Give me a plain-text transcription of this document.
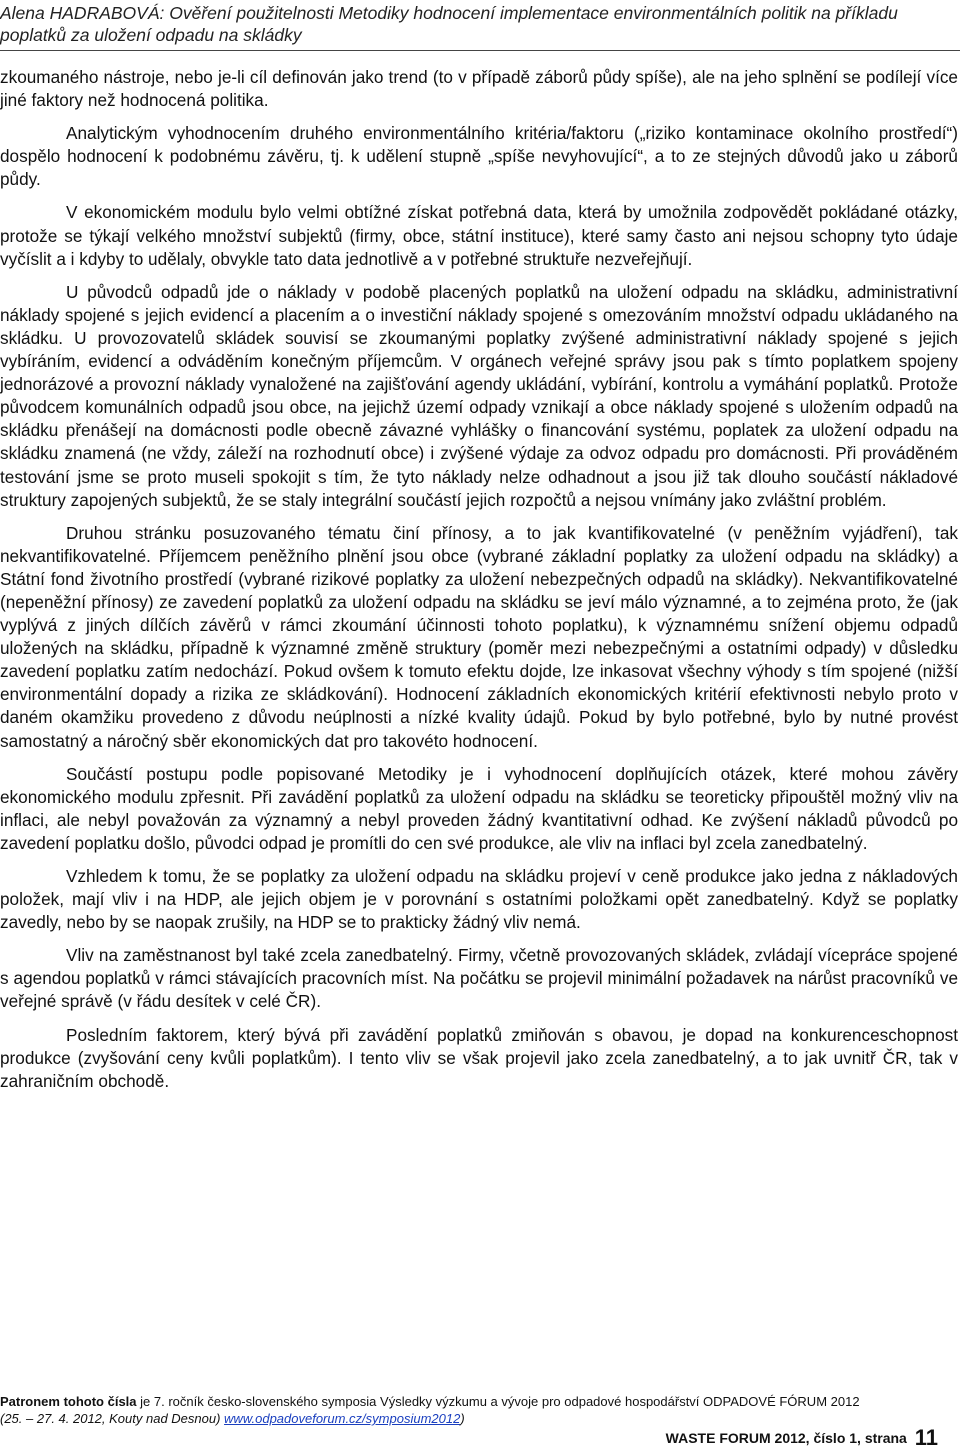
Alena HADRABOVÁ: Ověření použitelnosti Metodiky hodnocení implementace environmentálních politik na příkladu poplatků za uložení odpadu na skládky

zkoumaného nástroje, nebo je-li cíl definován jako trend (to v případě záborů půdy spíše), ale na jeho splnění se podílejí více jiné faktory než hodnocená politika.

Analytickým vyhodnocením druhého environmentálního kritéria/faktoru („riziko kontaminace okolního prostředí“) dospělo hodnocení k podobnému závěru, tj. k udělení stupně „spíše nevyhovující“, a to ze stejných důvodů jako u záborů půdy.

V ekonomickém modulu bylo velmi obtížné získat potřebná data, která by umožnila zodpovědět pokládané otázky, protože se týkají velkého množství subjektů (firmy, obce, státní instituce), které samy často ani nejsou schopny tyto údaje vyčíslit a i kdyby to udělaly, obvykle tato data jednotlivě a v potřebné struktuře nezveřejňují.

U původců odpadů jde o náklady v podobě placených poplatků na uložení odpadu na skládku, administrativní náklady spojené s jejich evidencí a placením a o investiční náklady spojené s omezováním množství odpadu ukládaného na skládku. U provozovatelů skládek souvisí se zkoumanými poplatky zvýšené administrativní náklady spojené s jejich vybíráním, evidencí a odváděním konečným příjemcům. V orgánech veřejné správy jsou pak s tímto poplatkem spojeny jednorázové a provozní náklady vynaložené na zajišťování agendy ukládání, vybírání, kontrolu a vymáhání poplatků. Protože původcem komunálních odpadů jsou obce, na jejichž území odpady vznikají a obce náklady spojené s uložením odpadů na skládku přenášejí na domácnosti podle obecně závazné vyhlášky o financování systému, poplatek za uložení odpadu na skládku znamená (ne vždy, záleží na rozhodnutí obce) i zvýšené výdaje za odvoz odpadu pro domácnosti. Při prováděném testování jsme se proto museli spokojit s tím, že tyto náklady nelze odhadnout a jsou již tak dlouho součástí nákladové struktury zapojených subjektů, že se staly integrální součástí jejich rozpočtů a nejsou vnímány jako zvláštní problém.

Druhou stránku posuzovaného tématu činí přínosy, a to jak kvantifikovatelné (v peněžním vyjádření), tak nekvantifikovatelné. Příjemcem peněžního plnění jsou obce (vybrané základní poplatky za uložení odpadu na skládky) a Státní fond životního prostředí (vybrané rizikové poplatky za uložení nebezpečných odpadů na skládky). Nekvantifikovatelné (nepeněžní přínosy) ze zavedení poplatků za uložení odpadu na skládku se jeví málo významné, a to zejména proto, že (jak vyplývá z jiných dílčích závěrů v rámci zkoumání účinnosti tohoto poplatku), k významnému snížení objemu odpadů uložených na skládku, případně k významné změně struktury (poměr mezi nebezpečnými a ostatními odpady) v důsledku zavedení poplatku zatím nedochází. Pokud ovšem k tomuto efektu dojde, lze inkasovat všechny výhody s tím spojené (nižší environmentální dopady a rizika ze skládkování). Hodnocení základních ekonomických kritérií efektivnosti nebylo proto v daném okamžiku provedeno z důvodu neúplnosti a nízké kvality údajů. Pokud by bylo potřebné, bylo by nutné provést samostatný a náročný sběr ekonomických dat pro takovéto hodnocení.

Součástí postupu podle popisované Metodiky je i vyhodnocení doplňujících otázek, které mohou závěry ekonomického modulu zpřesnit. Při zavádění poplatků za uložení odpadu na skládku se teoreticky připouštěl možný vliv na inflaci, ale nebyl považován za významný a nebyl proveden žádný kvantitativní odhad. Ke zvýšení nákladů původců po zavedení poplatku došlo, původci odpad je promítli do cen své produkce, ale vliv na inflaci byl zcela zanedbatelný.

Vzhledem k tomu, že se poplatky za uložení odpadu na skládku projeví v ceně produkce jako jedna z nákladových položek, mají vliv i na HDP, ale jejich objem je v porovnání s ostatními položkami opět zanedbatelný. Když se poplatky zavedly, nebo by se naopak zrušily, na HDP se to prakticky žádný vliv nemá.

Vliv na zaměstnanost byl také zcela zanedbatelný. Firmy, včetně provozovaných skládek, zvládají vícepráce spojené s agendou poplatků v rámci stávajících pracovních míst. Na počátku se projevil minimální požadavek na nárůst pracovníků ve veřejné správě (v řádu desítek v celé ČR).

Posledním faktorem, který bývá při zavádění poplatků zmiňován s obavou, je dopad na konkurenceschopnost produkce (zvyšování ceny kvůli poplatkům). I tento vliv se však projevil jako zcela zanedbatelný, a to jak uvnitř ČR, tak v zahraničním obchodě.

Patronem tohoto čísla je 7. ročník česko-slovenského symposia Výsledky výzkumu a vývoje pro odpadové hospodářství ODPADOVÉ FÓRUM 2012
(25. – 27. 4. 2012, Kouty nad Desnou) www.odpadoveforum.cz/symposium2012)
WASTE FORUM 2012, číslo 1, strana 11
